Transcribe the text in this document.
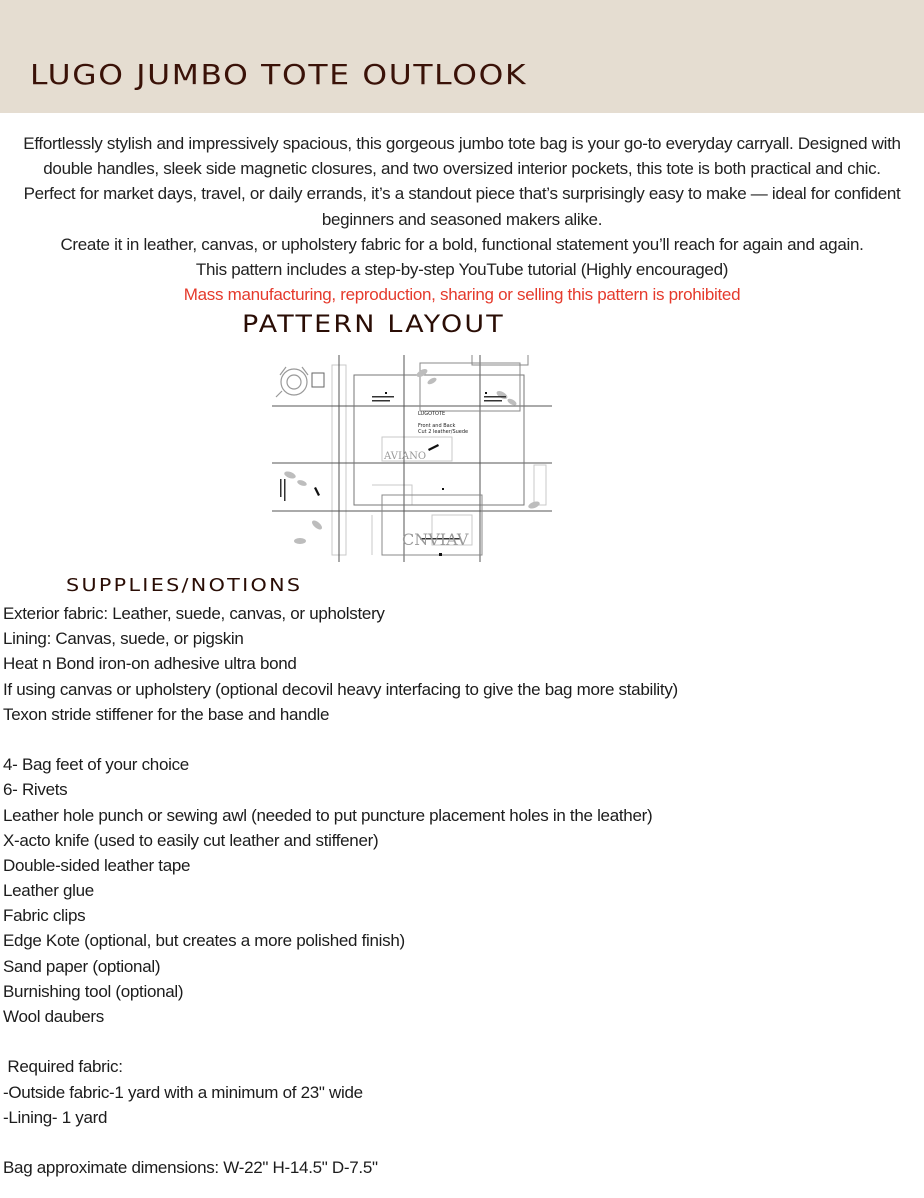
LUGO JUMBO TOTE OUTLOOK

Effortlessly stylish and impressively spacious, this gorgeous jumbo tote bag is your go-to everyday carryall. Designed with

double handles, sleek side magnetic closures, and two oversized interior pockets, this tote is both practical and chic.

Perfect for market days, travel, or daily errands, it’s a standout piece that’s surprisingly easy to make — ideal for confident

beginners and seasoned makers alike.

Create it in leather, canvas, or upholstery fabric for a bold, functional statement you’ll reach for again and again.

This pattern includes a step-by-step YouTube tutorial (Highly encouraged)

Mass manufacturing, reproduction, sharing or selling this pattern is prohibited

PATTERN LAYOUT
AVIANO
CNVIAV
LUGOTOTE
Front and Back
Cut 2 leather/Suede
SUPPLIES/NOTIONS
Exterior fabric: Leather, suede, canvas, or upholstery
Lining: Canvas, suede, or pigskin
Heat n Bond iron-on adhesive ultra bond
If using canvas or upholstery (optional decovil heavy interfacing to give the bag more stability)
Texon stride stiffener for the base and handle
4- Bag feet of your choice
6- Rivets
Leather hole punch or sewing awl (needed to put puncture placement holes in the leather)
X-acto knife (used to easily cut leather and stiffener)
Double-sided leather tape
Leather glue
Fabric clips
Edge Kote (optional, but creates a more polished finish)
Sand paper (optional)
Burnishing tool (optional)
Wool daubers
Required fabric:
-Outside fabric-1 yard with a minimum of 23" wide
-Lining- 1 yard
Bag approximate dimensions: W-22" H-14.5" D-7.5"
